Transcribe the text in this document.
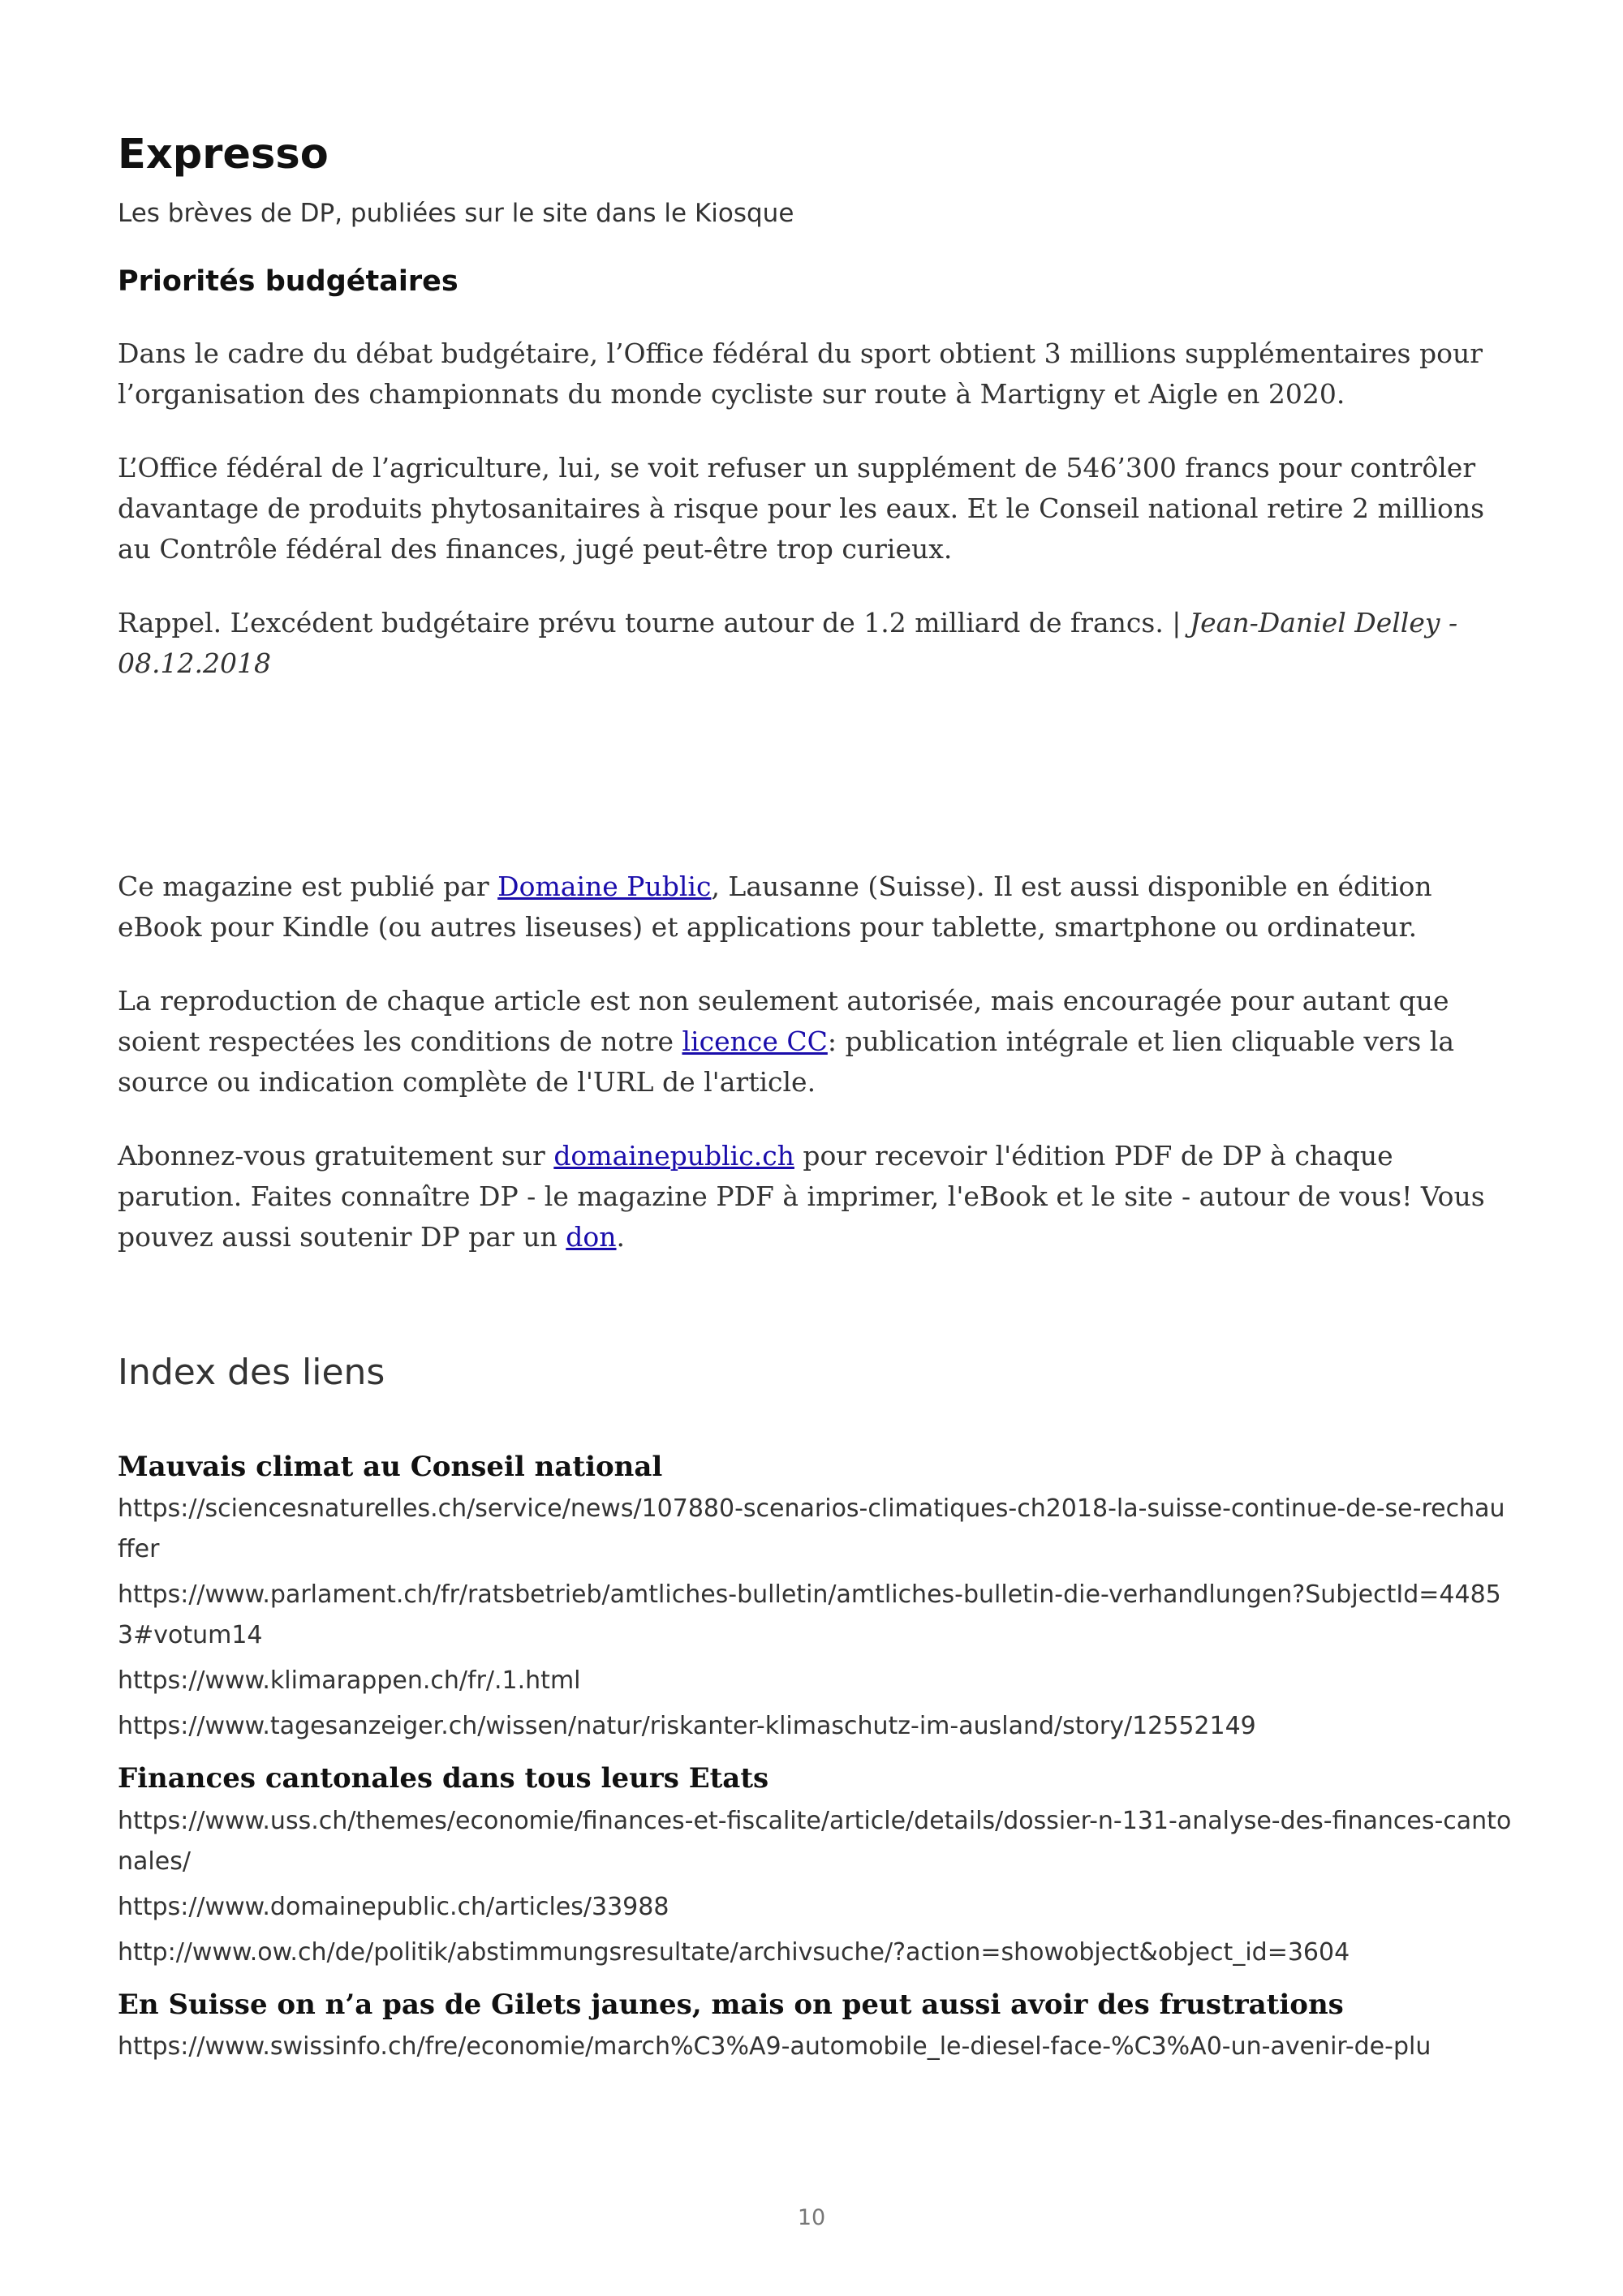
Expresso
Les brèves de DP, publiées sur le site dans le Kiosque
Priorités budgétaires

Dans le cadre du débat budgétaire, l’Office fédéral du sport obtient 3 millions supplémentaires pour l’organisation des championnats du monde cycliste sur route à Martigny et Aigle en 2020.

L’Office fédéral de l’agriculture, lui, se voit refuser un supplément de 546’300 francs pour contrôler davantage de produits phytosanitaires à risque pour les eaux. Et le Conseil national retire 2 millions au Contrôle fédéral des finances, jugé peut-être trop curieux.

Rappel. L’excédent budgétaire prévu tourne autour de 1.2 milliard de francs. | Jean-Daniel Delley - 08.12.2018

Ce magazine est publié par Domaine Public, Lausanne (Suisse). Il est aussi disponible en édition eBook pour Kindle (ou autres liseuses) et applications pour tablette, smartphone ou ordinateur.

La reproduction de chaque article est non seulement autorisée, mais encouragée pour autant que soient respectées les conditions de notre licence CC: publication intégrale et lien cliquable vers la source ou indication complète de l'URL de l'article.

Abonnez-vous gratuitement sur domainepublic.ch pour recevoir l'édition PDF de DP à chaque parution. Faites connaître DP - le magazine PDF à imprimer, l'eBook et le site - autour de vous! Vous pouvez aussi soutenir DP par un don.

Index des liens
Mauvais climat au Conseil national
https://sciencesnaturelles.ch/service/news/107880-scenarios-climatiques-ch2018-la-suisse-continue-de-se-rechauffer
https://www.parlament.ch/fr/ratsbetrieb/amtliches-bulletin/amtliches-bulletin-die-verhandlungen?SubjectId=44853#votum14
https://www.klimarappen.ch/fr/.1.html
https://www.tagesanzeiger.ch/wissen/natur/riskanter-klimaschutz-im-ausland/story/12552149
Finances cantonales dans tous leurs Etats
https://www.uss.ch/themes/economie/finances-et-fiscalite/article/details/dossier-n-131-analyse-des-finances-cantonales/
https://www.domainepublic.ch/articles/33988
http://www.ow.ch/de/politik/abstimmungsresultate/archivsuche/?action=showobject&object_id=3604
En Suisse on n’a pas de Gilets jaunes, mais on peut aussi avoir des frustrations
https://www.swissinfo.ch/fre/economie/march%C3%A9-automobile_le-diesel-face-%C3%A0-un-avenir-de-plu
10
